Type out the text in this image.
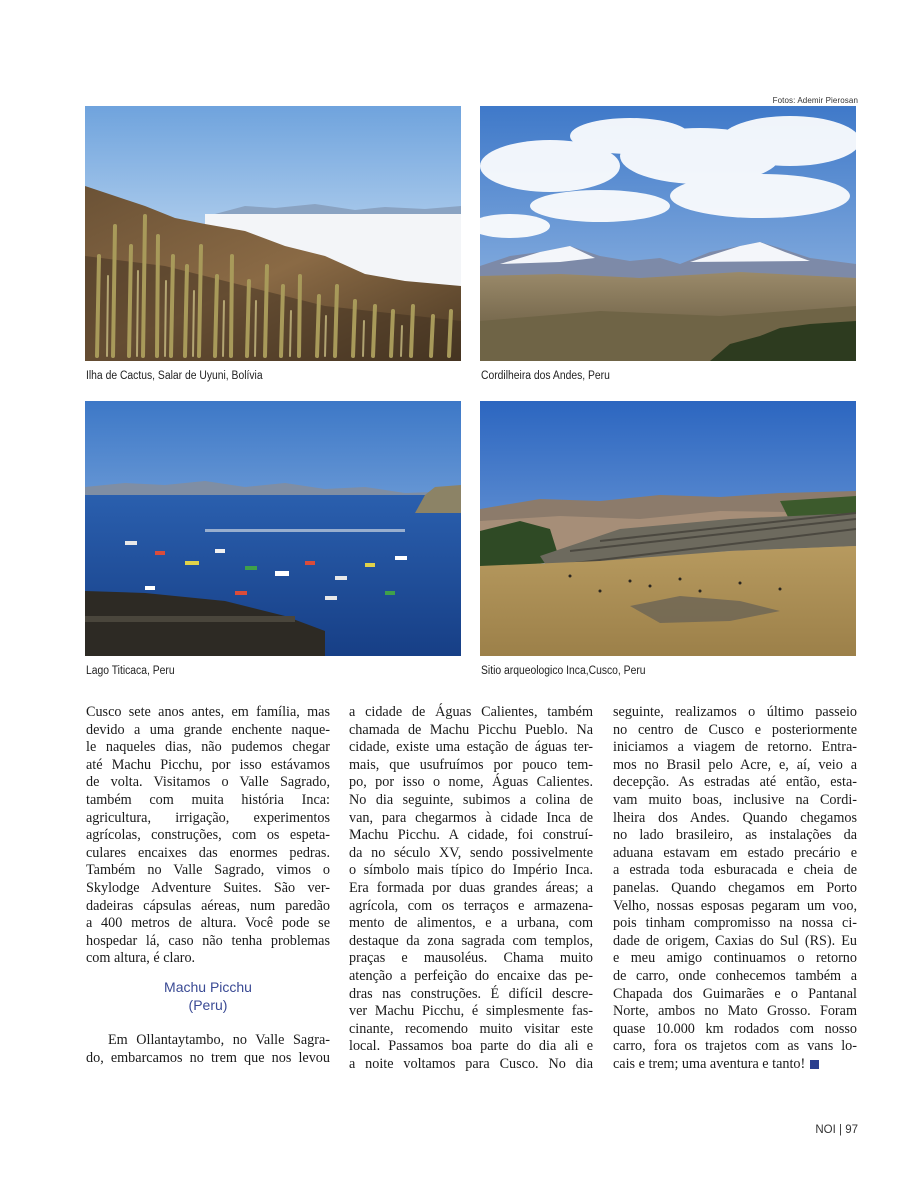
Fotos: Ademir Pierosan
Ilha de Cactus, Salar de Uyuni, Bolívia	Cordilheira dos Andes, Peru
Lago Titicaca, Peru	Sitio arqueologico Inca,Cusco, Peru
Cusco sete anos antes, em família, mas
devido a uma grande enchente naque-
le naqueles dias, não pudemos chegar
até Machu Picchu, por isso estávamos
de volta. Visitamos o Valle Sagrado,
também com muita história Inca:
agricultura, irrigação, experimentos
agrícolas, construções, com os espeta-
culares encaixes das enormes pedras.
Também no Valle Sagrado, vimos o
Skylodge Adventure Suites. São ver-
dadeiras cápsulas aéreas, num paredão
a 400 metros de altura. Você pode se
hospedar lá, caso não tenha problemas
com altura, é claro.
Machu Picchu
(Peru)
Em Ollantaytambo, no Valle Sagra-
do, embarcamos no trem que nos levou
a cidade de Águas Calientes, também
chamada de Machu Picchu Pueblo. Na
cidade, existe uma estação de águas ter-
mais, que usufruímos por pouco tem-
po, por isso o nome, Águas Calientes.
No dia seguinte, subimos a colina de
van, para chegarmos à cidade Inca de
Machu Picchu. A cidade, foi construí-
da no século XV, sendo possivelmente
o símbolo mais típico do Império Inca.
Era formada por duas grandes áreas; a
agrícola, com os terraços e armazena-
mento de alimentos, e a urbana, com
destaque da zona sagrada com templos,
praças e mausoléus. Chama muito
atenção a perfeição do encaixe das pe-
dras nas construções. É difícil descre-
ver Machu Picchu, é simplesmente fas-
cinante, recomendo muito visitar este
local. Passamos boa parte do dia ali e
a noite voltamos para Cusco. No dia
seguinte, realizamos o último passeio
no centro de Cusco e posteriormente
iniciamos a viagem de retorno. Entra-
mos no Brasil pelo Acre, e, aí, veio a
decepção. As estradas até então, esta-
vam muito boas, inclusive na Cordi-
lheira dos Andes. Quando chegamos
no lado brasileiro, as instalações da
aduana estavam em estado precário e
a estrada toda esburacada e cheia de
panelas. Quando chegamos em Porto
Velho, nossas esposas pegaram um voo,
pois tinham compromisso na nossa ci-
dade de origem, Caxias do Sul (RS). Eu
e meu amigo continuamos o retorno
de carro, onde conhecemos também a
Chapada dos Guimarães e o Pantanal
Norte, ambos no Mato Grosso. Foram
quase 10.000 km rodados com nosso
carro, fora os trajetos com as vans lo-
cais e trem; uma aventura e tanto!
NOI | 97
